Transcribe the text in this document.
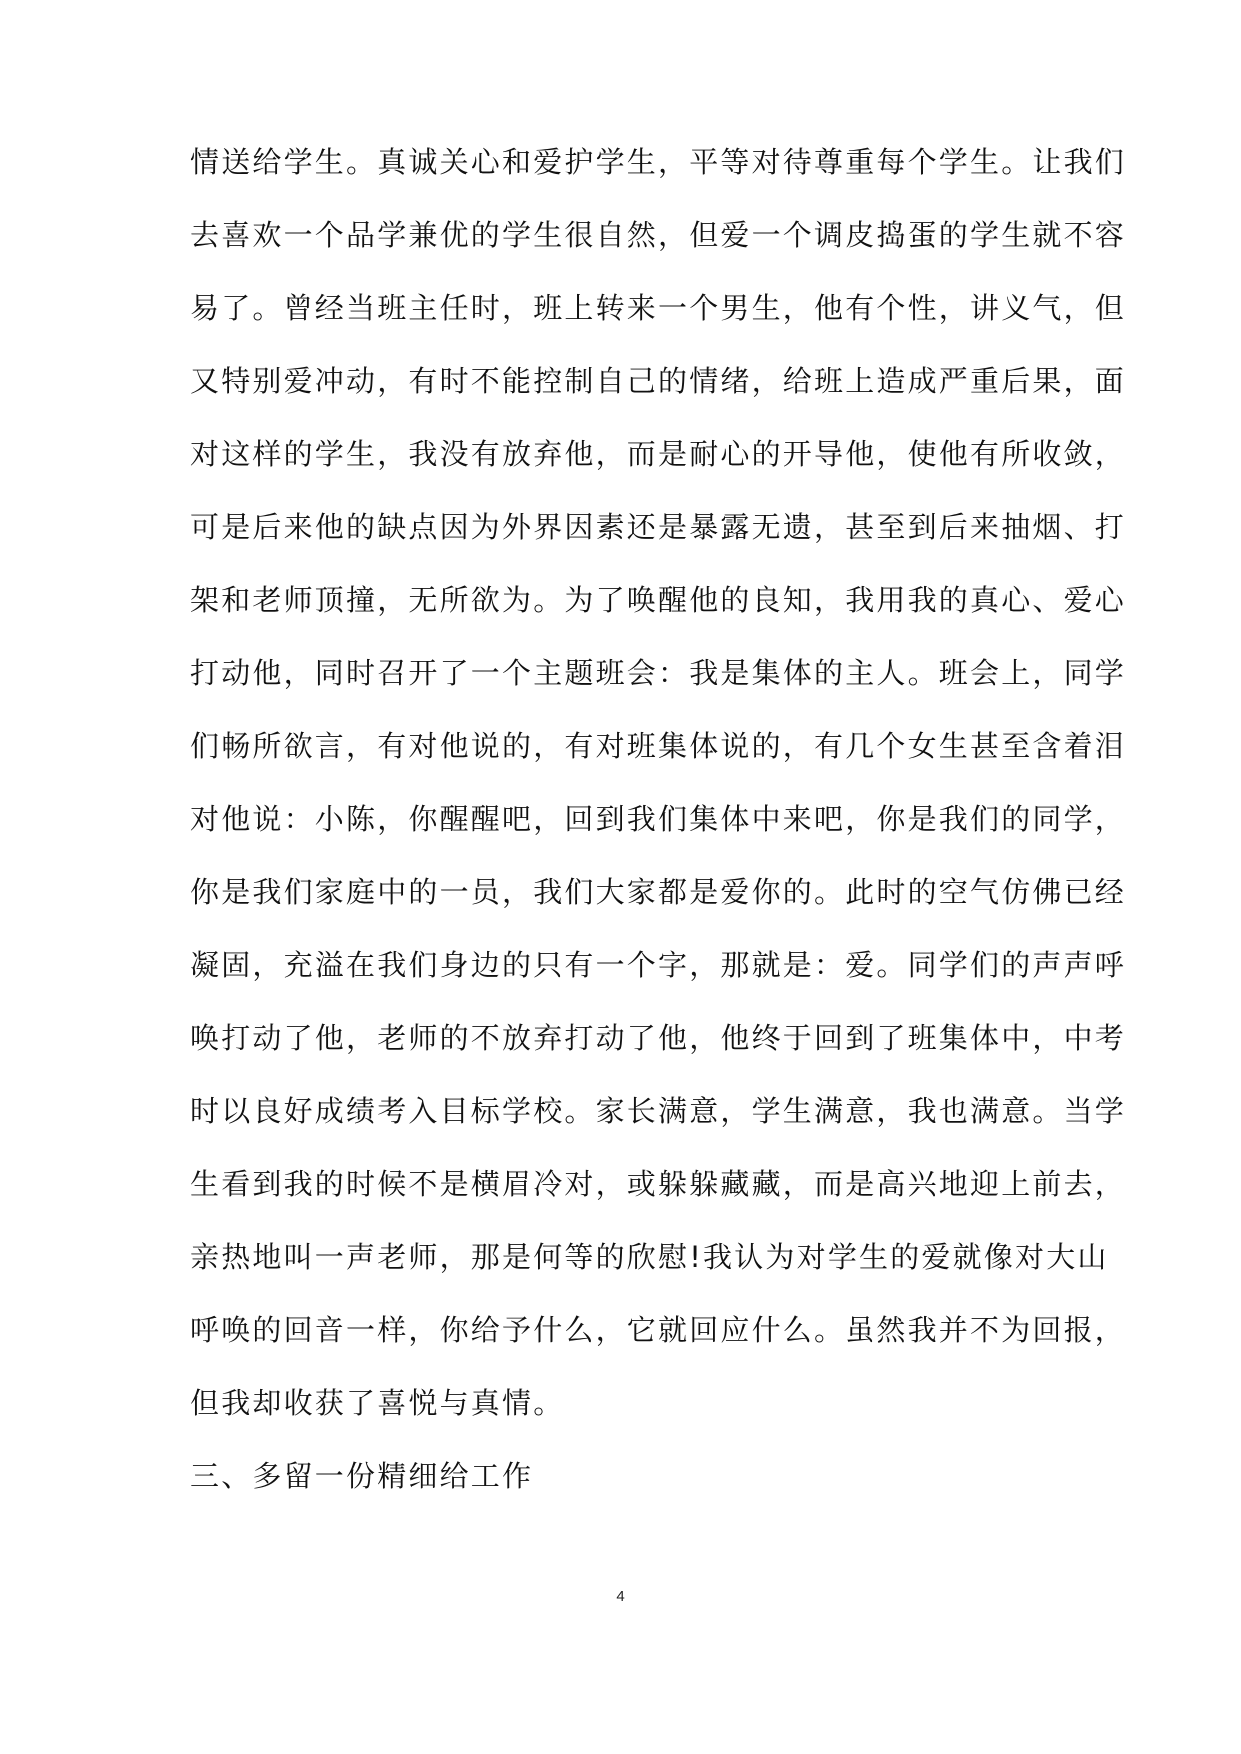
情送给学生。真诚关心和爱护学生，平等对待尊重每个学生。让我们
去喜欢一个品学兼优的学生很自然，但爱一个调皮捣蛋的学生就不容
易了。曾经当班主任时，班上转来一个男生，他有个性，讲义气，但
又特别爱冲动，有时不能控制自己的情绪，给班上造成严重后果，面
对这样的学生，我没有放弃他，而是耐心的开导他，使他有所收敛，
可是后来他的缺点因为外界因素还是暴露无遗，甚至到后来抽烟、打
架和老师顶撞，无所欲为。为了唤醒他的良知，我用我的真心、爱心
打动他，同时召开了一个主题班会：我是集体的主人。班会上，同学
们畅所欲言，有对他说的，有对班集体说的，有几个女生甚至含着泪
对他说：小陈，你醒醒吧，回到我们集体中来吧，你是我们的同学，
你是我们家庭中的一员，我们大家都是爱你的。此时的空气仿佛已经
凝固，充溢在我们身边的只有一个字，那就是：爱。同学们的声声呼
唤打动了他，老师的不放弃打动了他，他终于回到了班集体中，中考
时以良好成绩考入目标学校。家长满意，学生满意，我也满意。当学
生看到我的时候不是横眉冷对，或躲躲藏藏，而是高兴地迎上前去，
亲热地叫一声老师，那是何等的欣慰!我认为对学生的爱就像对大山
呼唤的回音一样，你给予什么，它就回应什么。虽然我并不为回报，
但我却收获了喜悦与真情。
三、多留一份精细给工作
4
